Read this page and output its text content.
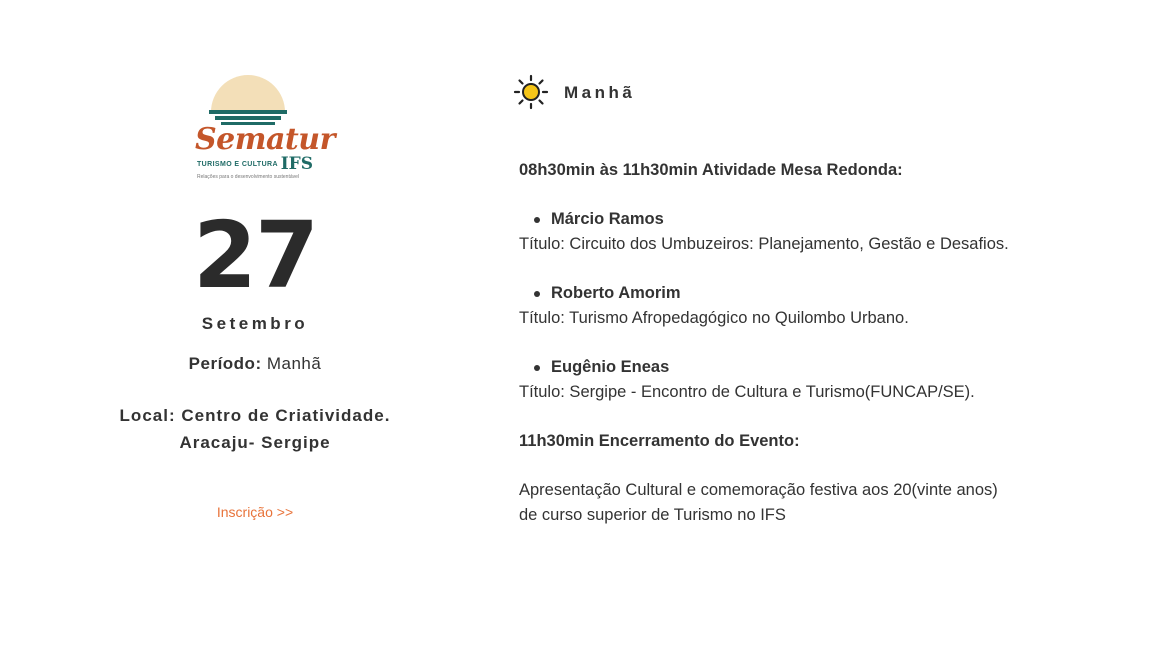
Sematur
TURISMO E CULTURA IFS
Relações para o desenvolvimento sustentável
27
Setembro
Período: Manhã
Local: Centro de Criatividade.
Aracaju- Sergipe
Inscrição >>
Manhã
08h30min às 11h30min Atividade Mesa Redonda:
Márcio Ramos
Título: Circuito dos Umbuzeiros: Planejamento, Gestão e Desafios.
Roberto Amorim
Título: Turismo Afropedagógico no Quilombo Urbano.
Eugênio Eneas
Título: Sergipe - Encontro de Cultura e Turismo(FUNCAP/SE).
11h30min Encerramento do Evento:
Apresentação Cultural e comemoração festiva aos 20(vinte anos) de curso superior de Turismo no IFS
